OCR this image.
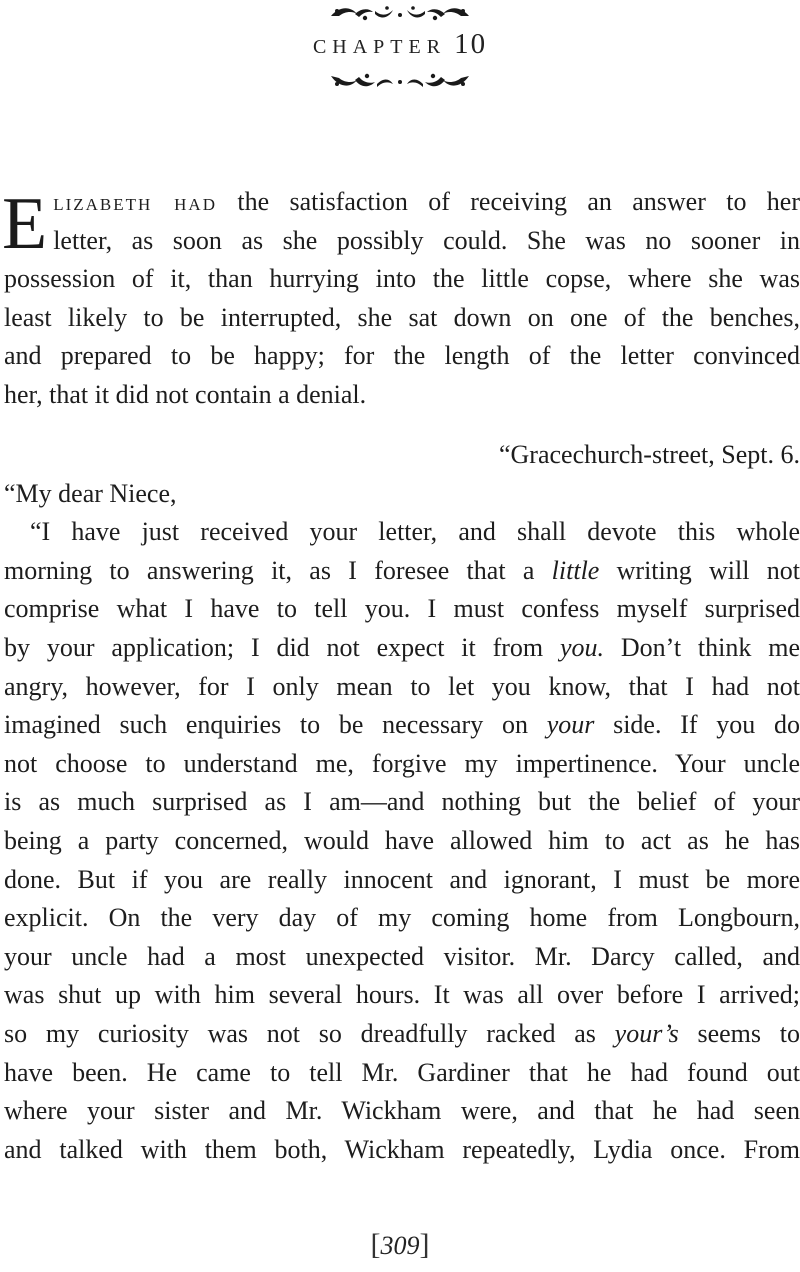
chapter 10
E lizabeth had the satisfaction of receiving an answer to her
letter, as soon as she possibly could. She was no sooner in
possession of it, than hurrying into the little copse, where she was
least likely to be interrupted, she sat down on one of the benches,
and prepared to be happy; for the length of the letter convinced
her, that it did not contain a denial.
“Gracechurch-street, Sept. 6.
“My dear Niece,
“I have just received your letter, and shall devote this whole
morning to answering it, as I foresee that a little writing will not
comprise what I have to tell you. I must confess myself surprised
by your application; I did not expect it from you. Don’t think me
angry, however, for I only mean to let you know, that I had not
imagined such enquiries to be necessary on your side. If you do
not choose to understand me, forgive my impertinence. Your uncle
is as much surprised as I am—and nothing but the belief of your
being a party concerned, would have allowed him to act as he has
done. But if you are really innocent and ignorant, I must be more
explicit. On the very day of my coming home from Longbourn,
your uncle had a most unexpected visitor. Mr. Darcy called, and
was shut up with him several hours. It was all over before I arrived;
so my curiosity was not so dreadfully racked as your’s seems to
have been. He came to tell Mr. Gardiner that he had found out
where your sister and Mr. Wickham were, and that he had seen
and talked with them both, Wickham repeatedly, Lydia once. From
[309]
